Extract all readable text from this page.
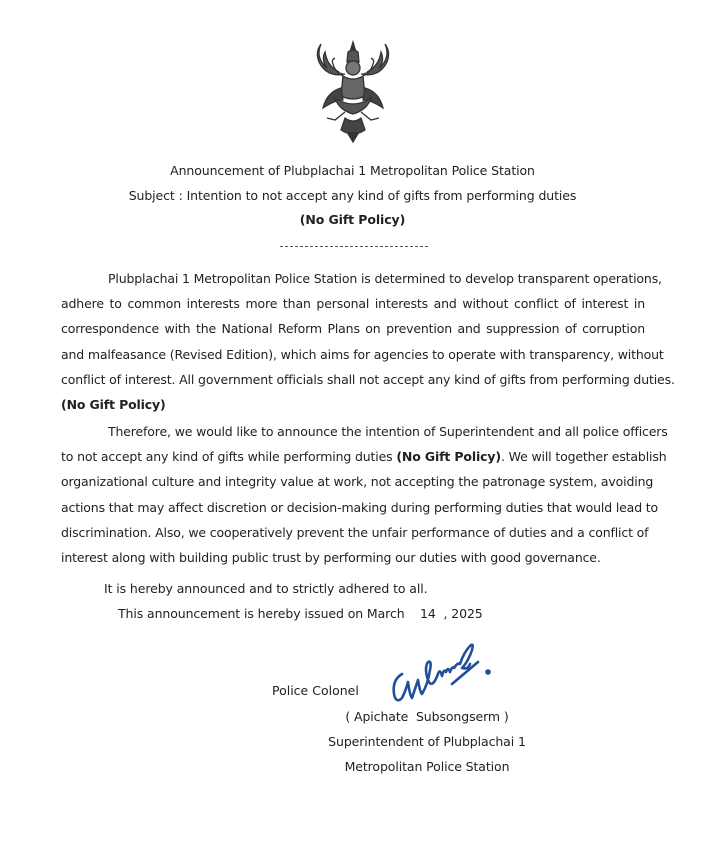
Announcement of Plubplachai 1 Metropolitan Police Station
Subject : Intention to not accept any kind of gifts from performing duties
(No Gift Policy)
Plubplachai 1 Metropolitan Police Station is determined to develop transparent operations,
adhere to common interests more than personal interests and without conflict of interest in
correspondence with the National Reform Plans on prevention and suppression of corruption
and malfeasance (Revised Edition), which aims for agencies to operate with transparency, without
conflict of interest. All government officials shall not accept any kind of gifts from performing duties.
(No Gift Policy)
Therefore, we would like to announce the intention of Superintendent and all police officers
to not accept any kind of gifts while performing duties (No Gift Policy). We will together establish
organizational culture and integrity value at work, not accepting the patronage system, avoiding
actions that may affect discretion or decision-making during performing duties that would lead to
discrimination. Also, we cooperatively prevent the unfair performance of duties and a conflict of
interest along with building public trust by performing our duties with good governance.
It is hereby announced and to strictly adhered to all.
This announcement is hereby issued on March    14  , 2025
Police Colonel
( Apichate  Subsongserm )
Superintendent of Plubplachai 1
Metropolitan Police Station
